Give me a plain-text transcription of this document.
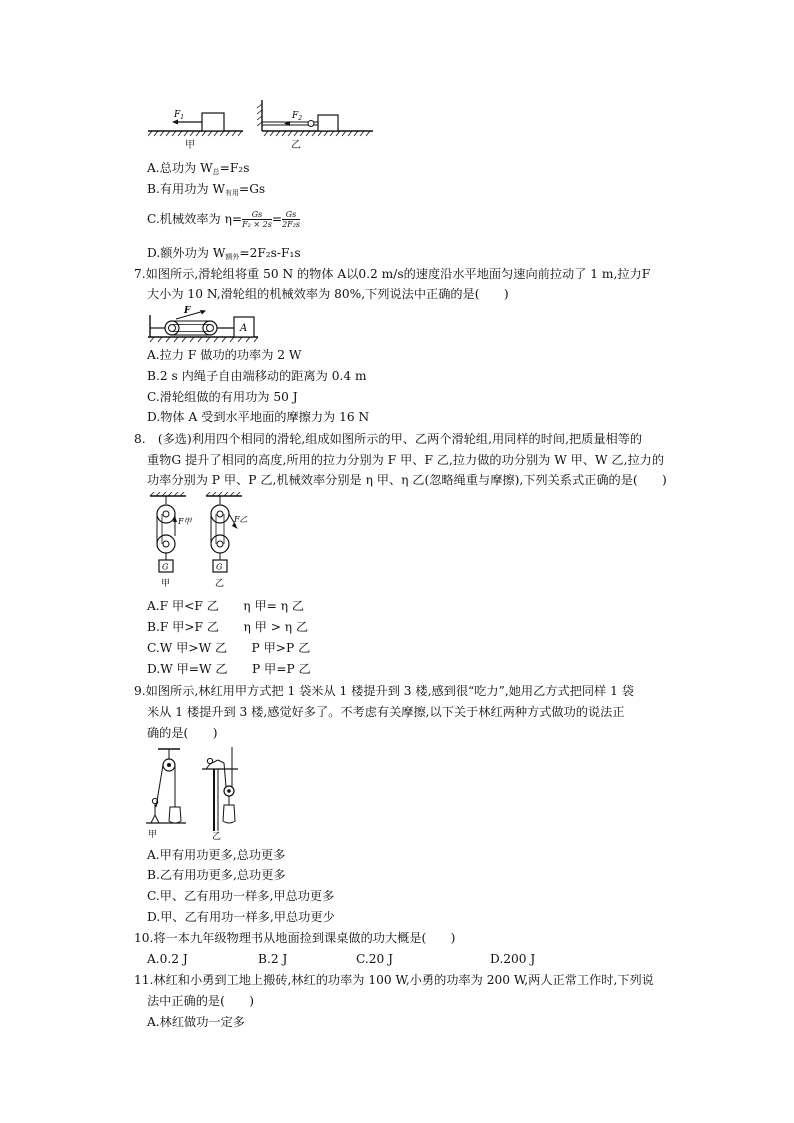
$F_1$	$F_2$
甲	乙
A.总功为 $W_总=F_2s$
B.有用功为 $W_{有用}=Gs$
C.机械效率为 $\eta= \frac{Gs}{\text{F₂ × 2s}} = \frac{Gs}{\text{2F₂s}}$
D.额外功为 $W_{额外}=2F_2s$-F₁s
7.如图所示,滑轮组将重 50 N 的物体 A以0.2 m/s的速度沿水平地面匀速向前拉动了 1 m,拉力F
大小为 10 N,滑轮组的机械效率为 80%,下列说法中正确的是(　　)
F
A
A.拉力 F 做功的功率为 2 W
B.2 s 内绳子自由端移动的距离为 0.4 m
C.滑轮组做的有用功为 50 J
D.物体 A 受到水平地面的摩擦力为 16 N
8.　(多选)利用四个相同的滑轮,组成如图所示的甲、乙两个滑轮组,用同样的时间,把质量相等的
重物G 提升了相同的高度,所用的拉力分别为 F 甲、F 乙,拉力做的功分别为 W 甲、W 乙,拉力的
功率分别为 P 甲、P 乙,机械效率分别是 η 甲、η 乙(忽略绳重与摩擦),下列关系式正确的是(　　)
F甲
G
甲
F乙
G
乙
A.F 甲<F 乙　　η 甲= η 乙
B.F 甲>F 乙　　η 甲 > η 乙
C.W 甲>W 乙　　P 甲>P 乙
D.W 甲=W 乙　　P 甲=P 乙
9.如图所示,林红用甲方式把 1 袋米从 1 楼提升到 3 楼,感到很“吃力”,她用乙方式把同样 1 袋
米从 1 楼提升到 3 楼,感觉好多了。不考虑有关摩擦,以下关于林红两种方式做功的说法正
确的是(　　)
甲	乙
A.甲有用功更多,总功更多
B.乙有用功更多,总功更多
C.甲、乙有用功一样多,甲总功更多
D.甲、乙有用功一样多,甲总功更少
10.将一本九年级物理书从地面捡到课桌做的功大概是(　　)
A.0.2 J	B.2 J	C.20 J	D.200 J
11.林红和小勇到工地上搬砖,林红的功率为 100 W,小勇的功率为 200 W,两人正常工作时,下列说
法中正确的是(　　)
A.林红做功一定多
